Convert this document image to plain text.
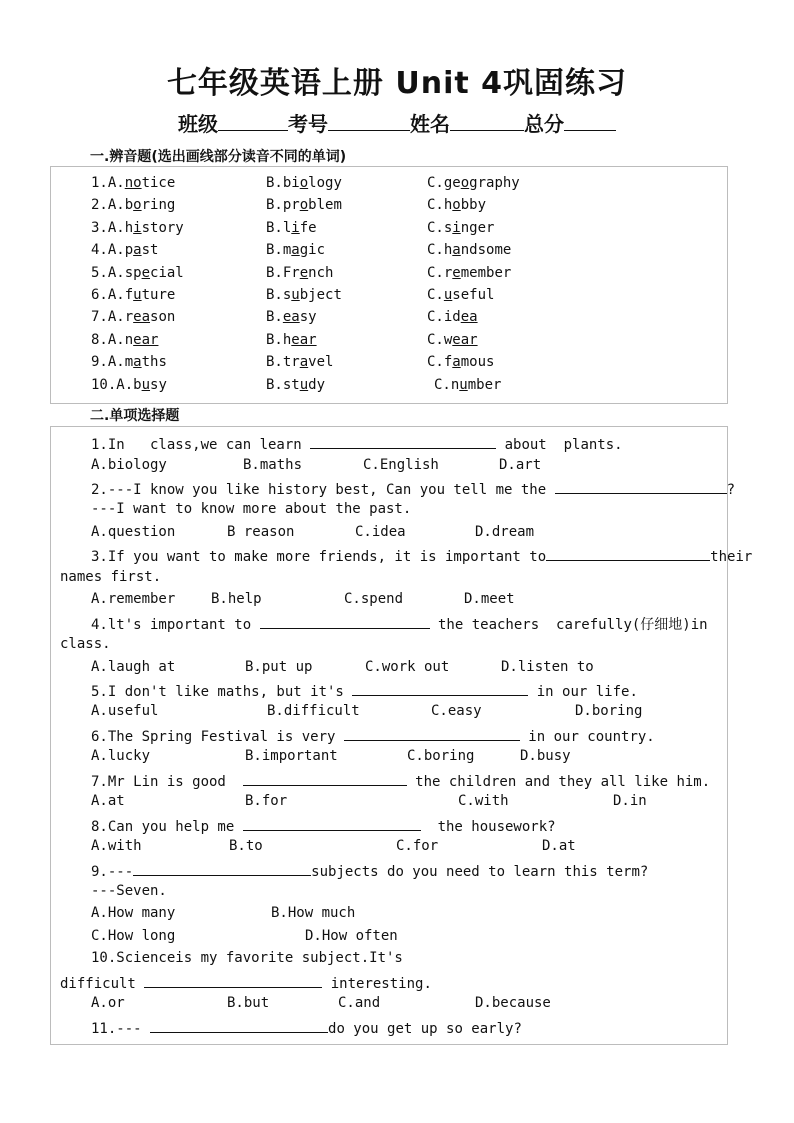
七年级英语上册 Unit 4巩固练习
班级	考号	姓名	总分
一.辨音题(选出画线部分读音不同的单词)
1.A.notice	B.biology	C.geography
2.A.boring	B.problem	C.hobby
3.A.history	B.life	C.singer
4.A.past	B.magic	C.handsome
5.A.special	B.French	C.remember
6.A.future	B.subject	C.useful
7.A.reason	B.easy	C.idea
8.A.near	B.hear	C.wear
9.A.maths	B.travel	C.famous
10.A.busy	B.study	C.number
二.单项选择题
1.In   class,we can learn	about  plants.
A.biology	B.maths	C.English	D.art
2.---I know you like history best, Can you tell me the	?
---I want to know more about the past.
A.question	B reason	C.idea	D.dream
3.If you want to make more friends, it is important to	their
names first.
A.remember	B.help	C.spend	D.meet
4.lt's important to	the teachers  carefully(仔细地)in
class.
A.laugh at	B.put up	C.work out	D.listen to
5.I don't like maths, but it's	in our life.
A.useful	B.difficult	C.easy	D.boring
6.The Spring Festival is very	in our country.
A.lucky	B.important	C.boring	D.busy
7.Mr Lin is good	the children and they all like him.
A.at	B.for	C.with	D.in
8.Can you help me	the housework?
A.with	B.to	C.for	D.at
9.---	subjects do you need to learn this term?
---Seven.
A.How many	B.How much
C.How long	D.How often
10.Scienceis my favorite subject.It's
difficult	interesting.
A.or	B.but	C.and	D.because
11.---	do you get up so early?
